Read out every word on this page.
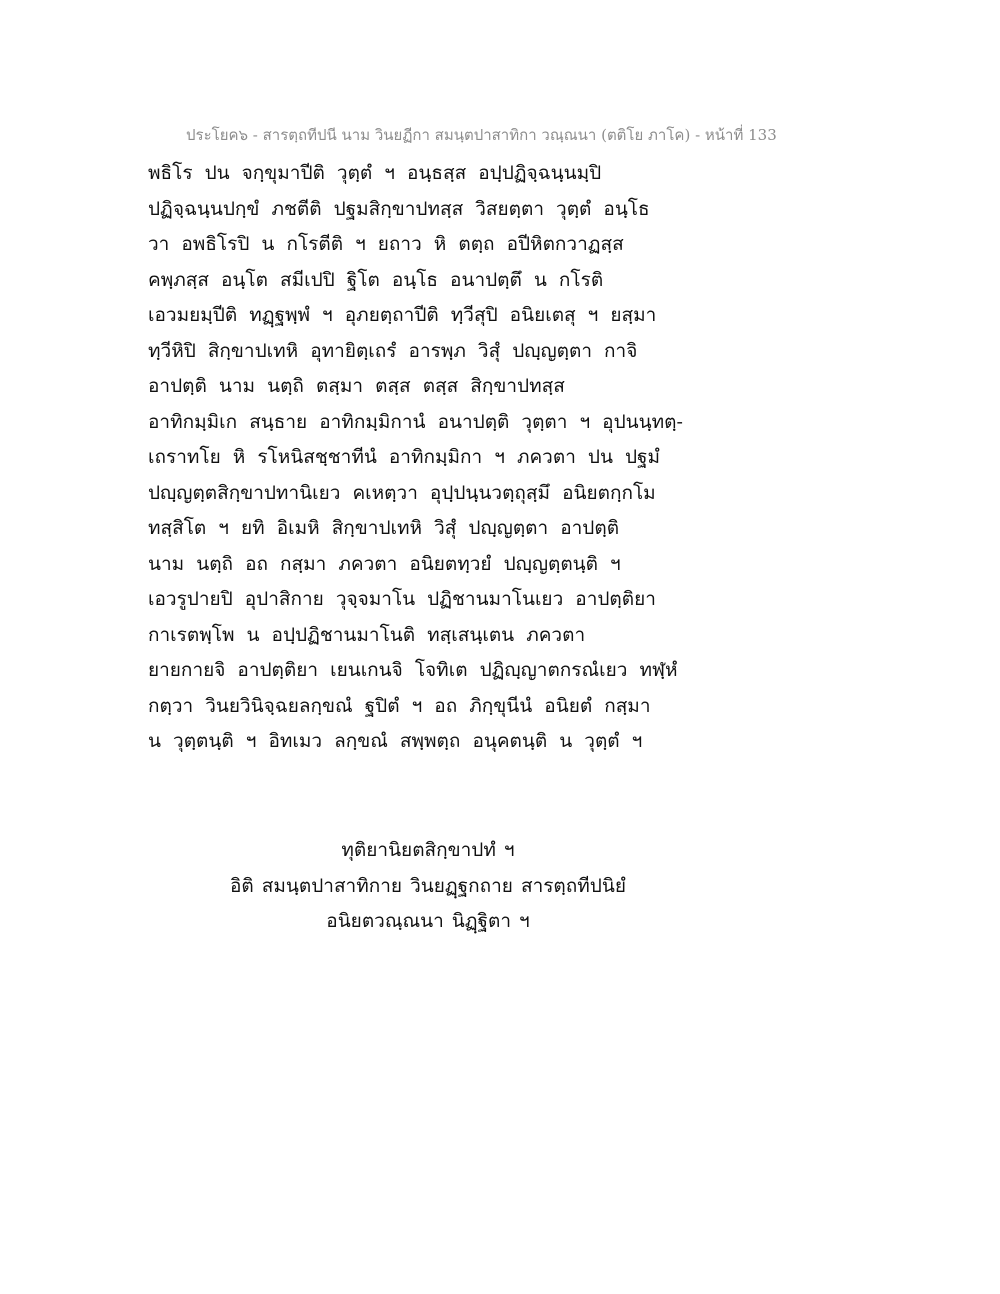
ประโยค๖ - สารตฺถทีปนี นาม วินยฏีกา สมนฺตปาสาทิกา วณฺณนา (ตติโย ภาโค) - หน้าที่ 133
พธิโร ปน จกฺขุมาปีติ วุตฺตํ ฯ อนฺธสฺส อปฺปฏิจฺฉนฺนมฺปิ
ปฏิจฺฉนฺนปกฺขํ ภชตีติ ปฐมสิกฺขาปทสฺส วิสยตฺตา วุตฺตํ อนฺโธ
วา อพธิโรปิ น กโรตีติ ฯ ยถาว หิ ตตฺถ อปีหิตกวาฏสฺส
คพฺภสฺส อนฺโต สมีเปปิ ฐิโต อนฺโธ อนาปตฺตึ น กโรติ
เอวมยมฺปีติ ทฏฺฐพฺพํ ฯ อุภยตฺถาปีติ ทฺวีสุปิ อนิยเตสุ ฯ ยสฺมา
ทฺวีหิปิ สิกฺขาปเทหิ อุทายิตฺเถรํ อารพฺภ วิสุํ ปญฺญตฺตา กาจิ
อาปตฺติ นาม นตฺถิ ตสฺมา ตสฺส ตสฺส สิกฺขาปทสฺส
อาทิกมฺมิเก สนฺธาย อาทิกมฺมิกานํ อนาปตฺติ วุตฺตา ฯ อุปนนฺทตฺ-
เถราทโย หิ รโหนิสชฺชาทีนํ อาทิกมฺมิกา ฯ ภควตา ปน ปฐมํ
ปญฺญตฺตสิกฺขาปทานิเยว คเหตฺวา อุปฺปนฺนวตฺถุสฺมึ อนิยตกฺกโม
ทสฺสิโต ฯ ยทิ อิเมหิ สิกฺขาปเทหิ วิสุํ ปญฺญตฺตา อาปตฺติ
นาม นตฺถิ อถ กสฺมา ภควตา อนิยตทฺวยํ ปญฺญตฺตนฺติ ฯ
เอวรูปายปิ อุปาสิกาย วุจฺจมาโน ปฏิชานมาโนเยว อาปตฺติยา
กาเรตพฺโพ น อปฺปฏิชานมาโนติ ทสฺเสนฺเตน ภควตา
ยายกายจิ อาปตฺติยา เยนเกนจิ โจทิเต ปฏิญฺญาตกรณํเยว ทฬฺหํ
กตฺวา วินยวินิจฺฉยลกฺขณํ ฐปิตํ ฯ อถ ภิกฺขุนีนํ อนิยตํ กสฺมา
น วุตฺตนฺติ ฯ อิทเมว ลกฺขณํ สพฺพตฺถ อนุคตนฺติ น วุตฺตํ ฯ
ทุติยานิยตสิกฺขาปทํ ฯ
อิติ สมนฺตปาสาทิกาย วินยฏฺฐกถาย สารตฺถทีปนิยํ
อนิยตวณฺณนา นิฏฺฐิตา ฯ
